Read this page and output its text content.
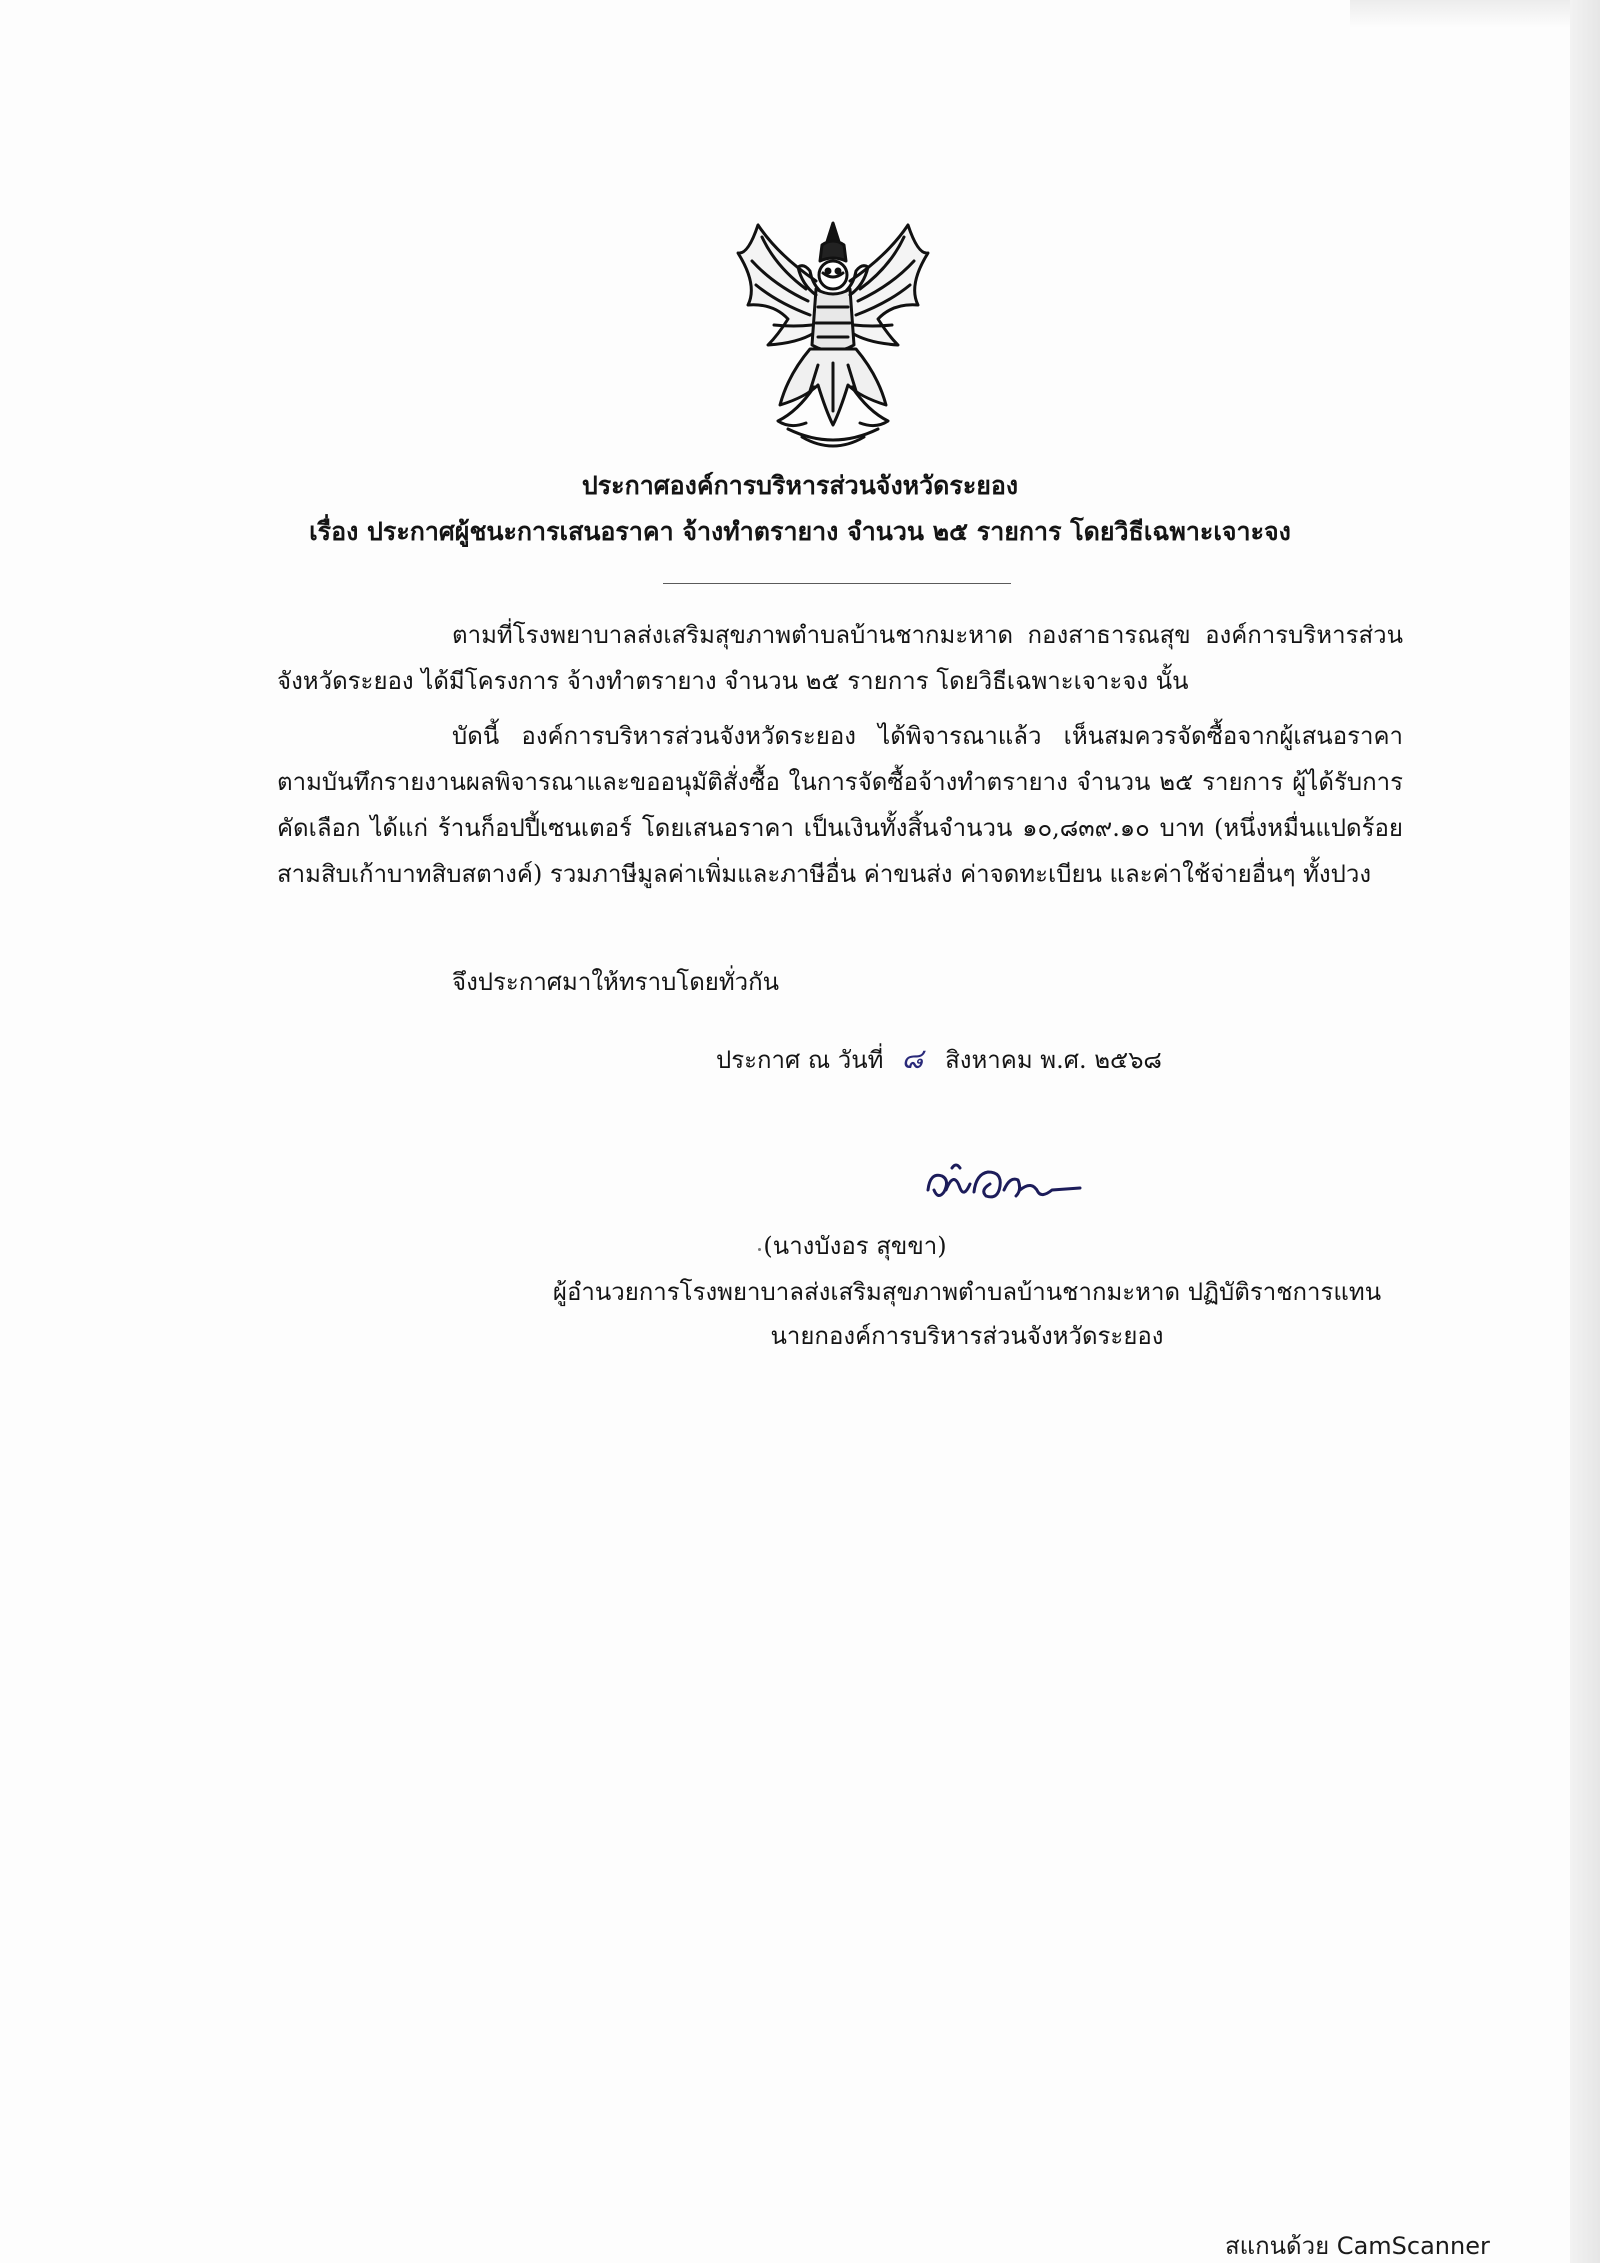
ประกาศองค์การบริหารส่วนจังหวัดระยอง
เรื่อง ประกาศผู้ชนะการเสนอราคา จ้างทำตรายาง จำนวน ๒๕ รายการ โดยวิธีเฉพาะเจาะจง
ตามที่โรงพยาบาลส่งเสริมสุขภาพตำบลบ้านชากมะหาด กองสาธารณสุข องค์การบริหารส่วนจังหวัดระยอง ได้มีโครงการ จ้างทำตรายาง จำนวน ๒๕ รายการ โดยวิธีเฉพาะเจาะจง นั้น
บัดนี้ องค์การบริหารส่วนจังหวัดระยอง ได้พิจารณาแล้ว เห็นสมควรจัดซื้อจากผู้เสนอราคา ตามบันทึกรายงานผลพิจารณาและขออนุมัติสั่งซื้อ ในการจัดซื้อจ้างทำตรายาง จำนวน ๒๕ รายการ ผู้ได้รับการคัดเลือก ได้แก่ ร้านก็อปปี้เซนเตอร์ โดยเสนอราคา เป็นเงินทั้งสิ้นจำนวน ๑๐,๘๓๙.๑๐ บาท (หนึ่งหมื่นแปดร้อยสามสิบเก้าบาทสิบสตางค์) รวมภาษีมูลค่าเพิ่มและภาษีอื่น ค่าขนส่ง ค่าจดทะเบียน และค่าใช้จ่ายอื่นๆ ทั้งปวง
จึงประกาศมาให้ทราบโดยทั่วกัน
ประกาศ ณ วันที่ ๘ สิงหาคม พ.ศ. ๒๕๖๘
(นางบังอร สุขขา)
ผู้อำนวยการโรงพยาบาลส่งเสริมสุขภาพตำบลบ้านชากมะหาด ปฏิบัติราชการแทน
นายกองค์การบริหารส่วนจังหวัดระยอง
สแกนด้วย CamScanner
